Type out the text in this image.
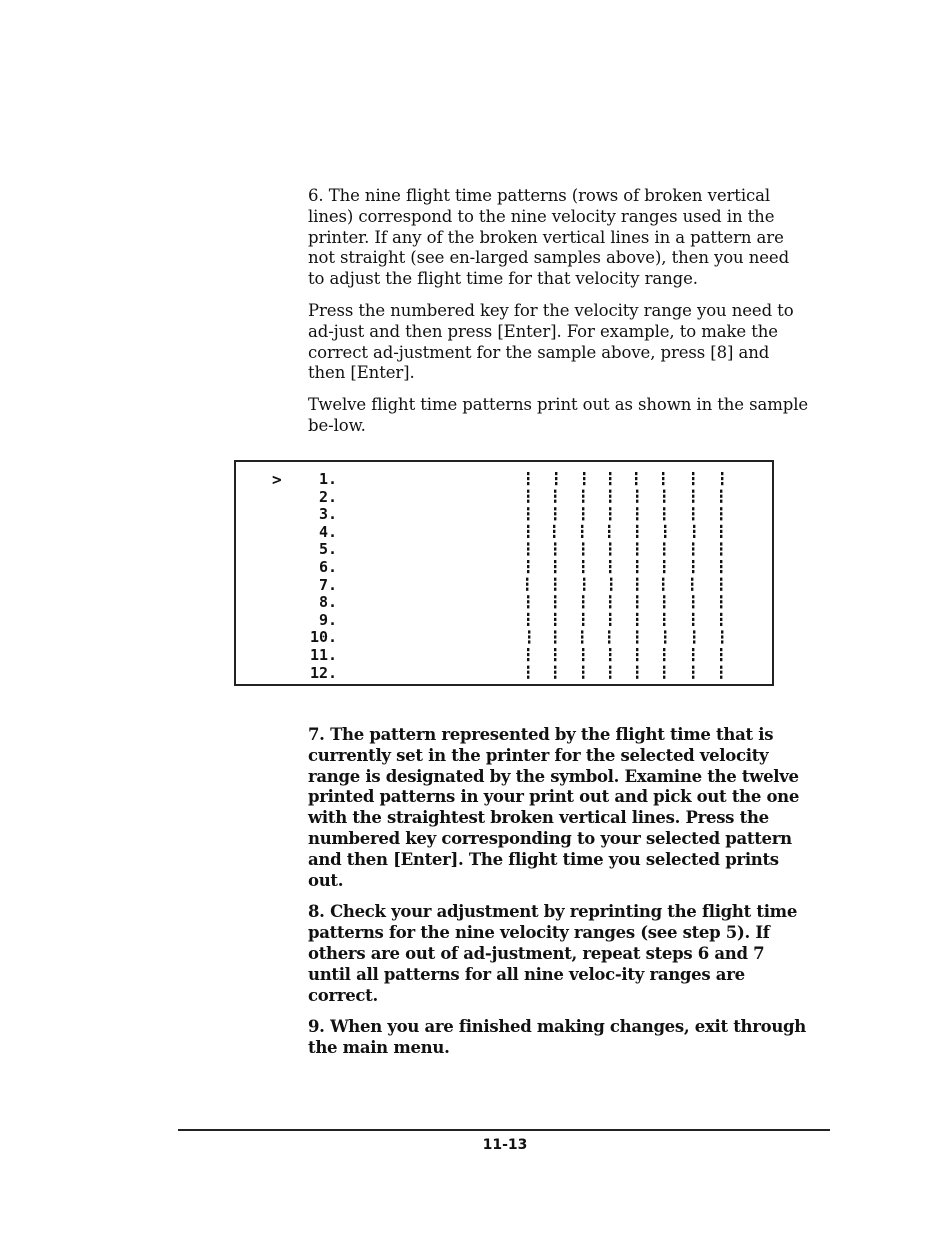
6. The nine flight time patterns (rows of broken vertical lines) correspond to the nine velocity ranges used in the printer. If any of the broken vertical lines in a pattern are not straight (see en-larged samples above), then you need to adjust the flight time for that velocity range.

Press the numbered key for the velocity range you need to ad-just and then press [Enter]. For example, to make the correct ad-justment for the sample above, press [8] and then [Enter].

Twelve flight time patterns print out as shown in the sample be-low.

> 1.
2.
3.
4.
5.
6.
7.
8.
9.
10.
11.
12.

7. The pattern represented by the flight time that is currently set in the printer for the selected velocity range is designated by the symbol. Examine the twelve printed patterns in your print out and pick out the one with the straightest broken vertical lines. Press the numbered key corresponding to your selected pattern and then [Enter]. The flight time you selected prints out.

8. Check your adjustment by reprinting the flight time patterns for the nine velocity ranges (see step 5). If others are out of ad-justment, repeat steps 6 and 7 until all patterns for all nine veloc-ity ranges are correct.

9. When you are finished making changes, exit through the main menu.

11-13
